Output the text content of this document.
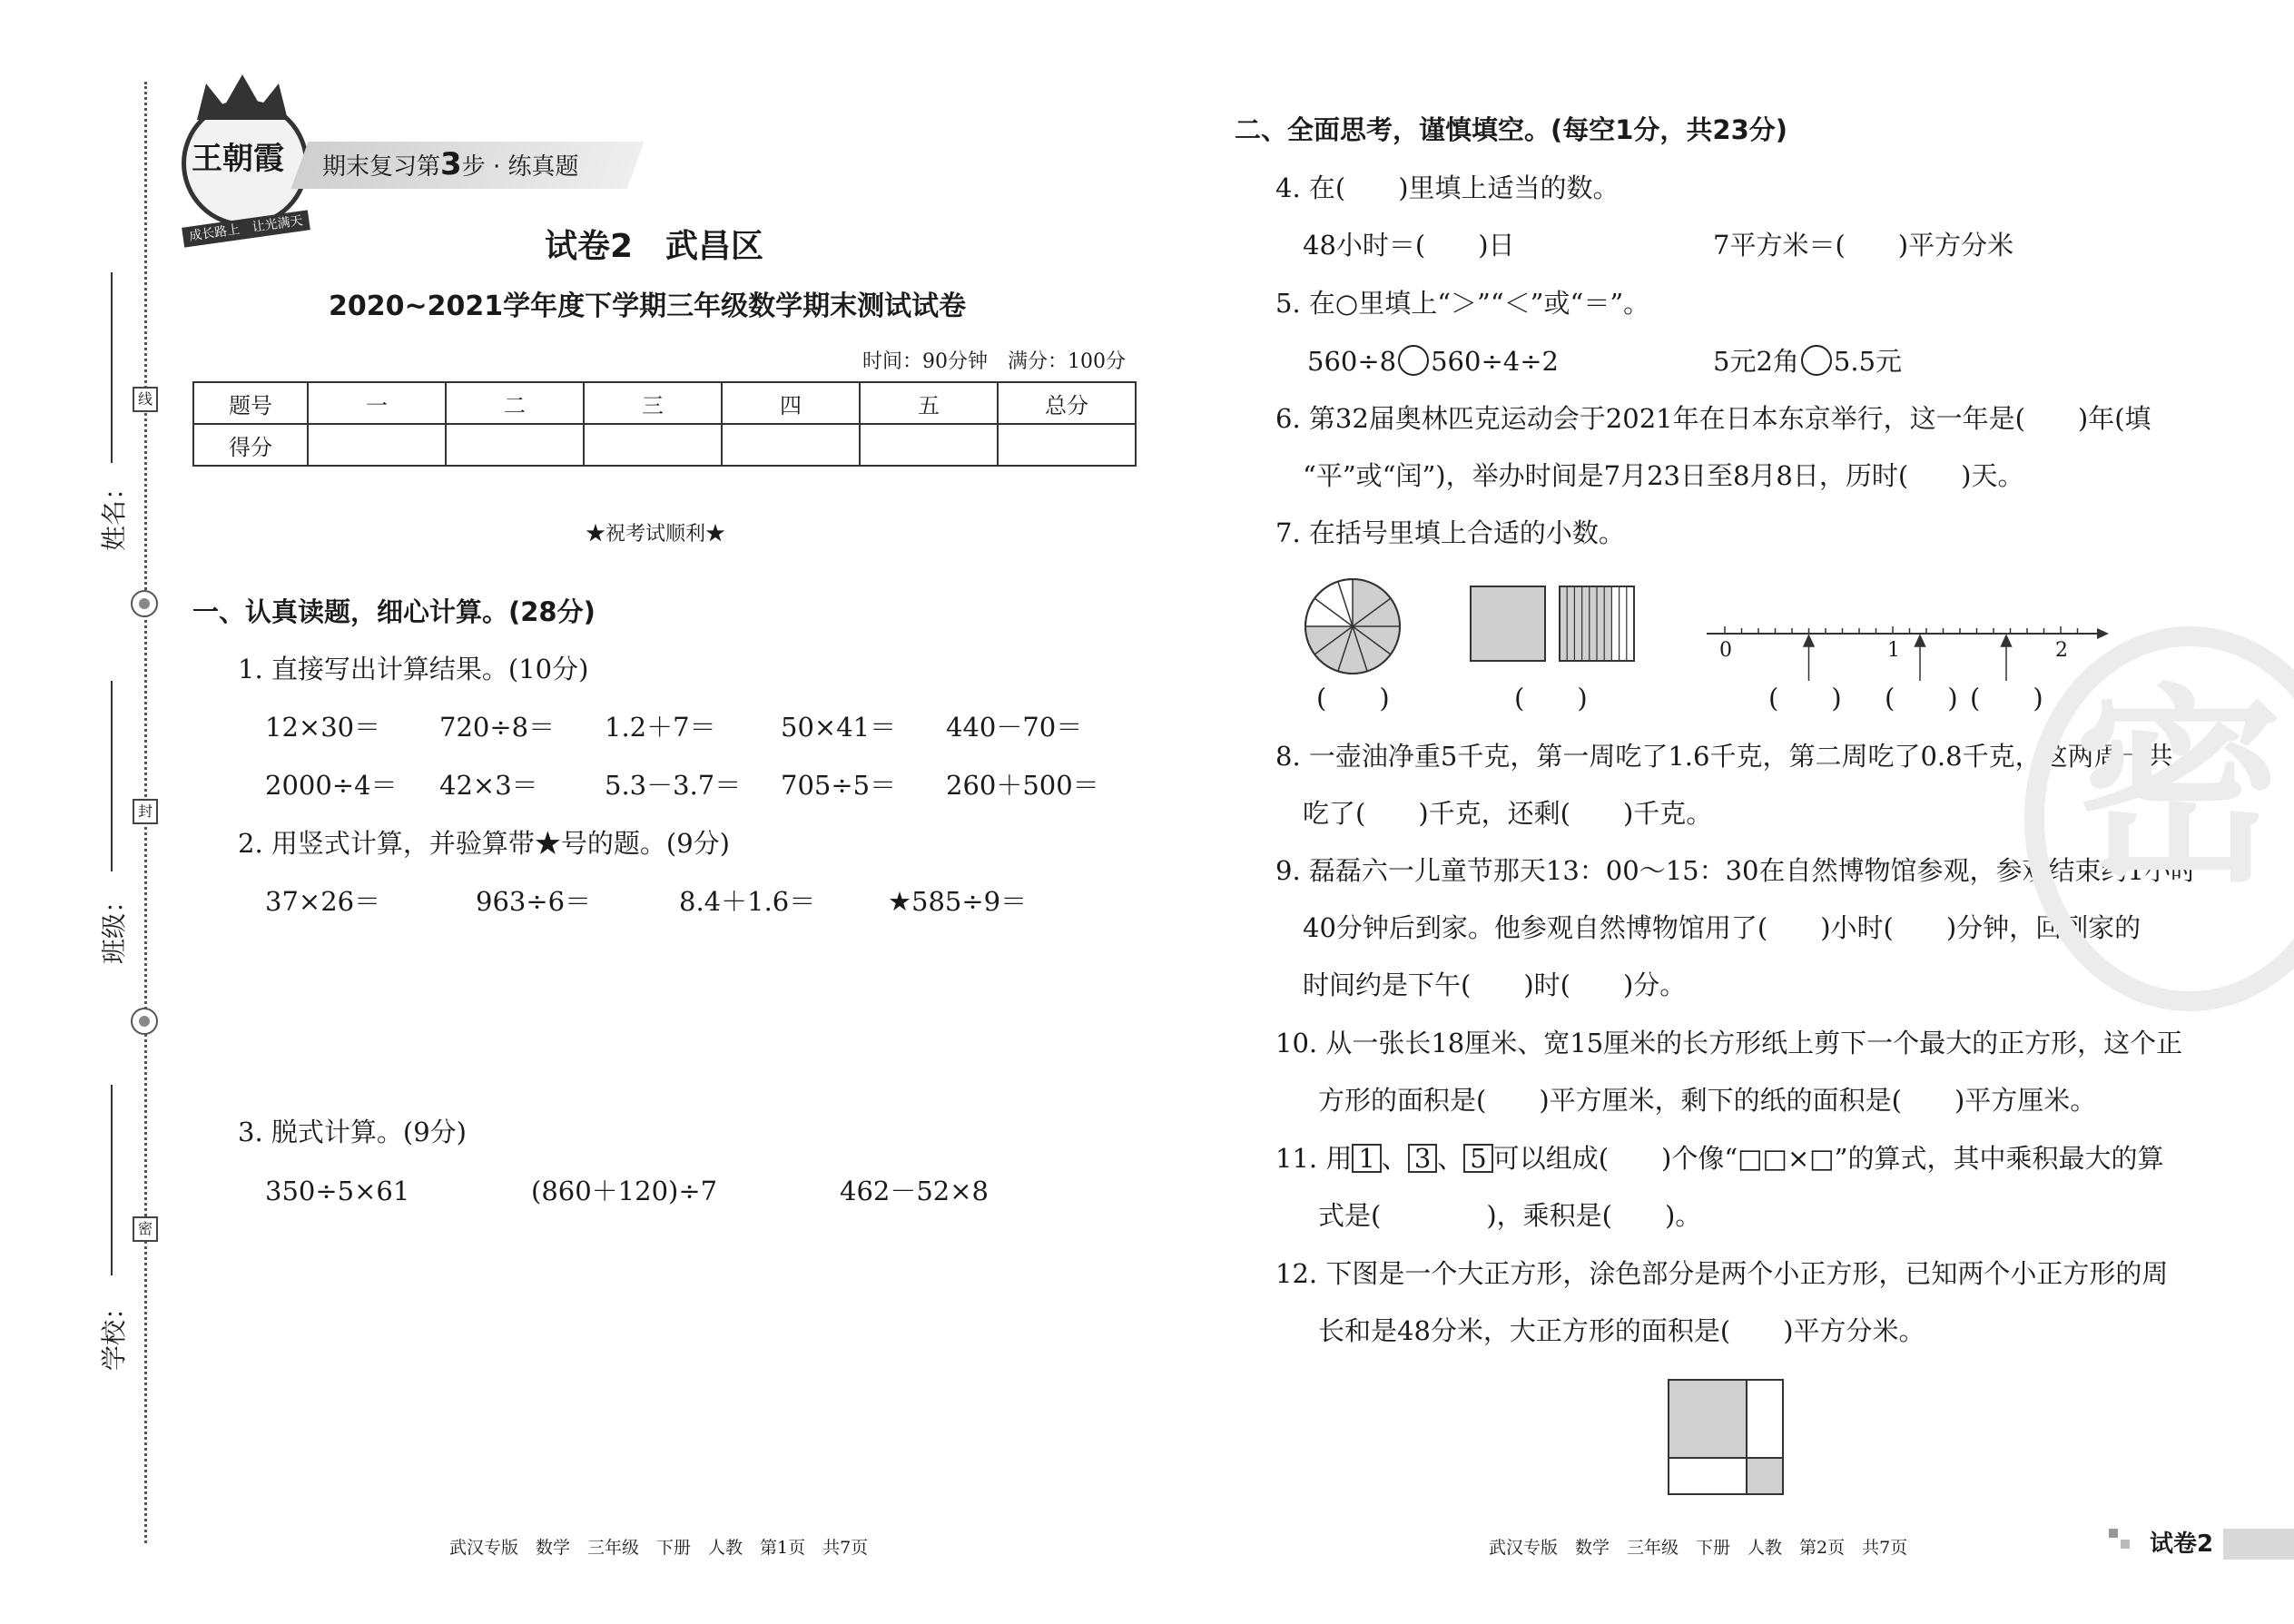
线
封
密
姓名：
班级：
学校：
王朝霞
成长路上　 让光满天
期末复习第3步 · 练真题
试卷2　武昌区
2020~2021学年度下学期三年级数学期末测试试卷
时间：90分钟　满分：100分
题号	一	二	三	四	五	总分
得分						
★祝考试顺利★
一、认真读题，细心计算。(28分)
1. 直接写出计算结果。(10分)
12×30＝ 720÷8＝ 1.2＋7＝ 50×41＝ 440－70＝
2000÷4＝ 42×3＝	5.3－3.7＝ 705÷5＝ 260＋500＝
2. 用竖式计算，并验算带★号的题。(9分)
37×26＝	963÷6＝	8.4＋1.6＝	★585÷9＝
3. 脱式计算。(9分)
350÷5×61	(860＋120)÷7	462－52×8
二、全面思考，谨慎填空。(每空1分，共23分)
4. 在(　　)里填上适当的数。
48小时＝(　　)日	7平方米＝(　　)平方分米
5. 在○里填上“＞”“＜”或“＝”。
560÷8 560÷4÷2	5元2角 5.5元
6. 第32届奥林匹克运动会于2021年在日本东京举行，这一年是(　　)年(填
“平”或“闰”)，举办时间是7月23日至8月8日，历时(　　)天。
7. 在括号里填上合适的小数。
0	1	2
(　　)	(　　)	(　　) (　　) (　　)
8. 一壶油净重5千克，第一周吃了1.6千克，第二周吃了0.8千克，这两周一共
吃了(　　)千克，还剩(　　)千克。
9. 磊磊六一儿童节那天13：00～15：30在自然博物馆参观，参观结束约1小时
40分钟后到家。他参观自然博物馆用了(　　)小时(　　)分钟，回到家的
时间约是下午(　　)时(　　)分。
10. 从一张长18厘米、宽15厘米的长方形纸上剪下一个最大的正方形，这个正
方形的面积是(　　)平方厘米，剩下的纸的面积是(　　)平方厘米。
11. 用 1 、 3 、 5 可以组成(　　)个像“□□×□”的算式，其中乘积最大的算
式是(　　　　)，乘积是(　　)。
12. 下图是一个大正方形，涂色部分是两个小正方形，已知两个小正方形的周
长和是48分米，大正方形的面积是(　　)平方分米。
密
武汉专版　数学　三年级　下册　人教　第1页　共7页	武汉专版　数学　三年级　下册　人教　第2页　共7页	试卷2
